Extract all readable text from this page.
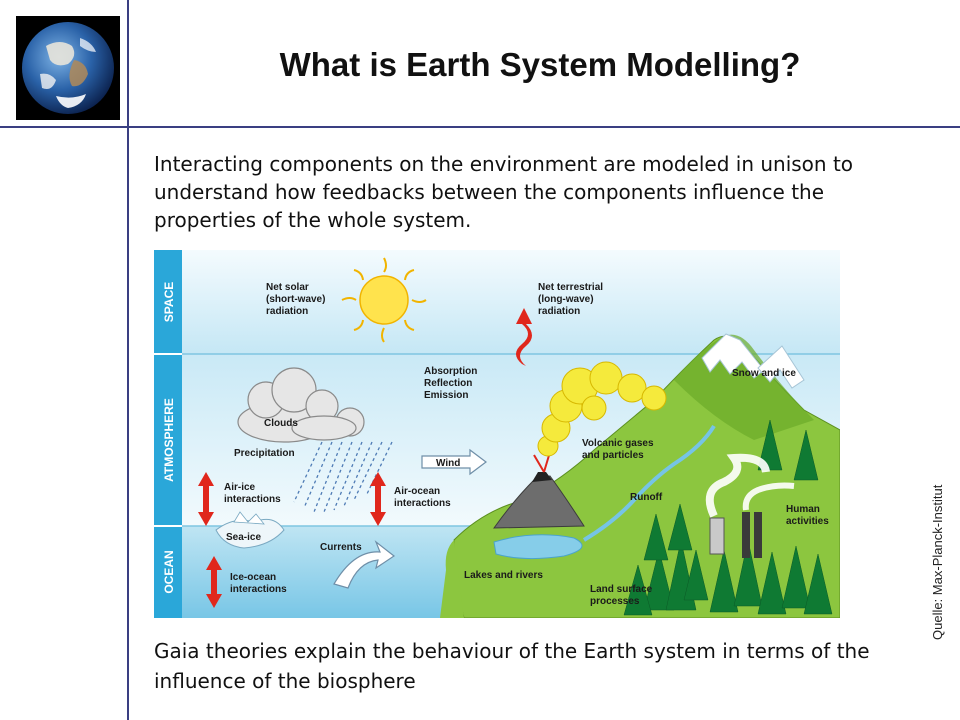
What is Earth System Modelling?
Interacting components on the environment are modeled in unison to understand how feedbacks between the components influence the properties of the whole system.
SPACE
ATMOSPHERE
OCEAN
Net solar
(short-wave)
radiation
Net terrestrial
(long-wave)
radiation
Absorption
Reflection
Emission
Clouds
Precipitation
Wind
Air-ice
interactions
Air-ocean
interactions
Volcanic gases
and particles
Snow and ice
Runoff
Human
activities
Sea-ice
Currents
Ice-ocean
interactions
Lakes and rivers
Land surface
processes
Gaia theories explain the behaviour of the Earth system in terms of the influence of the biosphere
Quelle: Max-Planck-Institut
